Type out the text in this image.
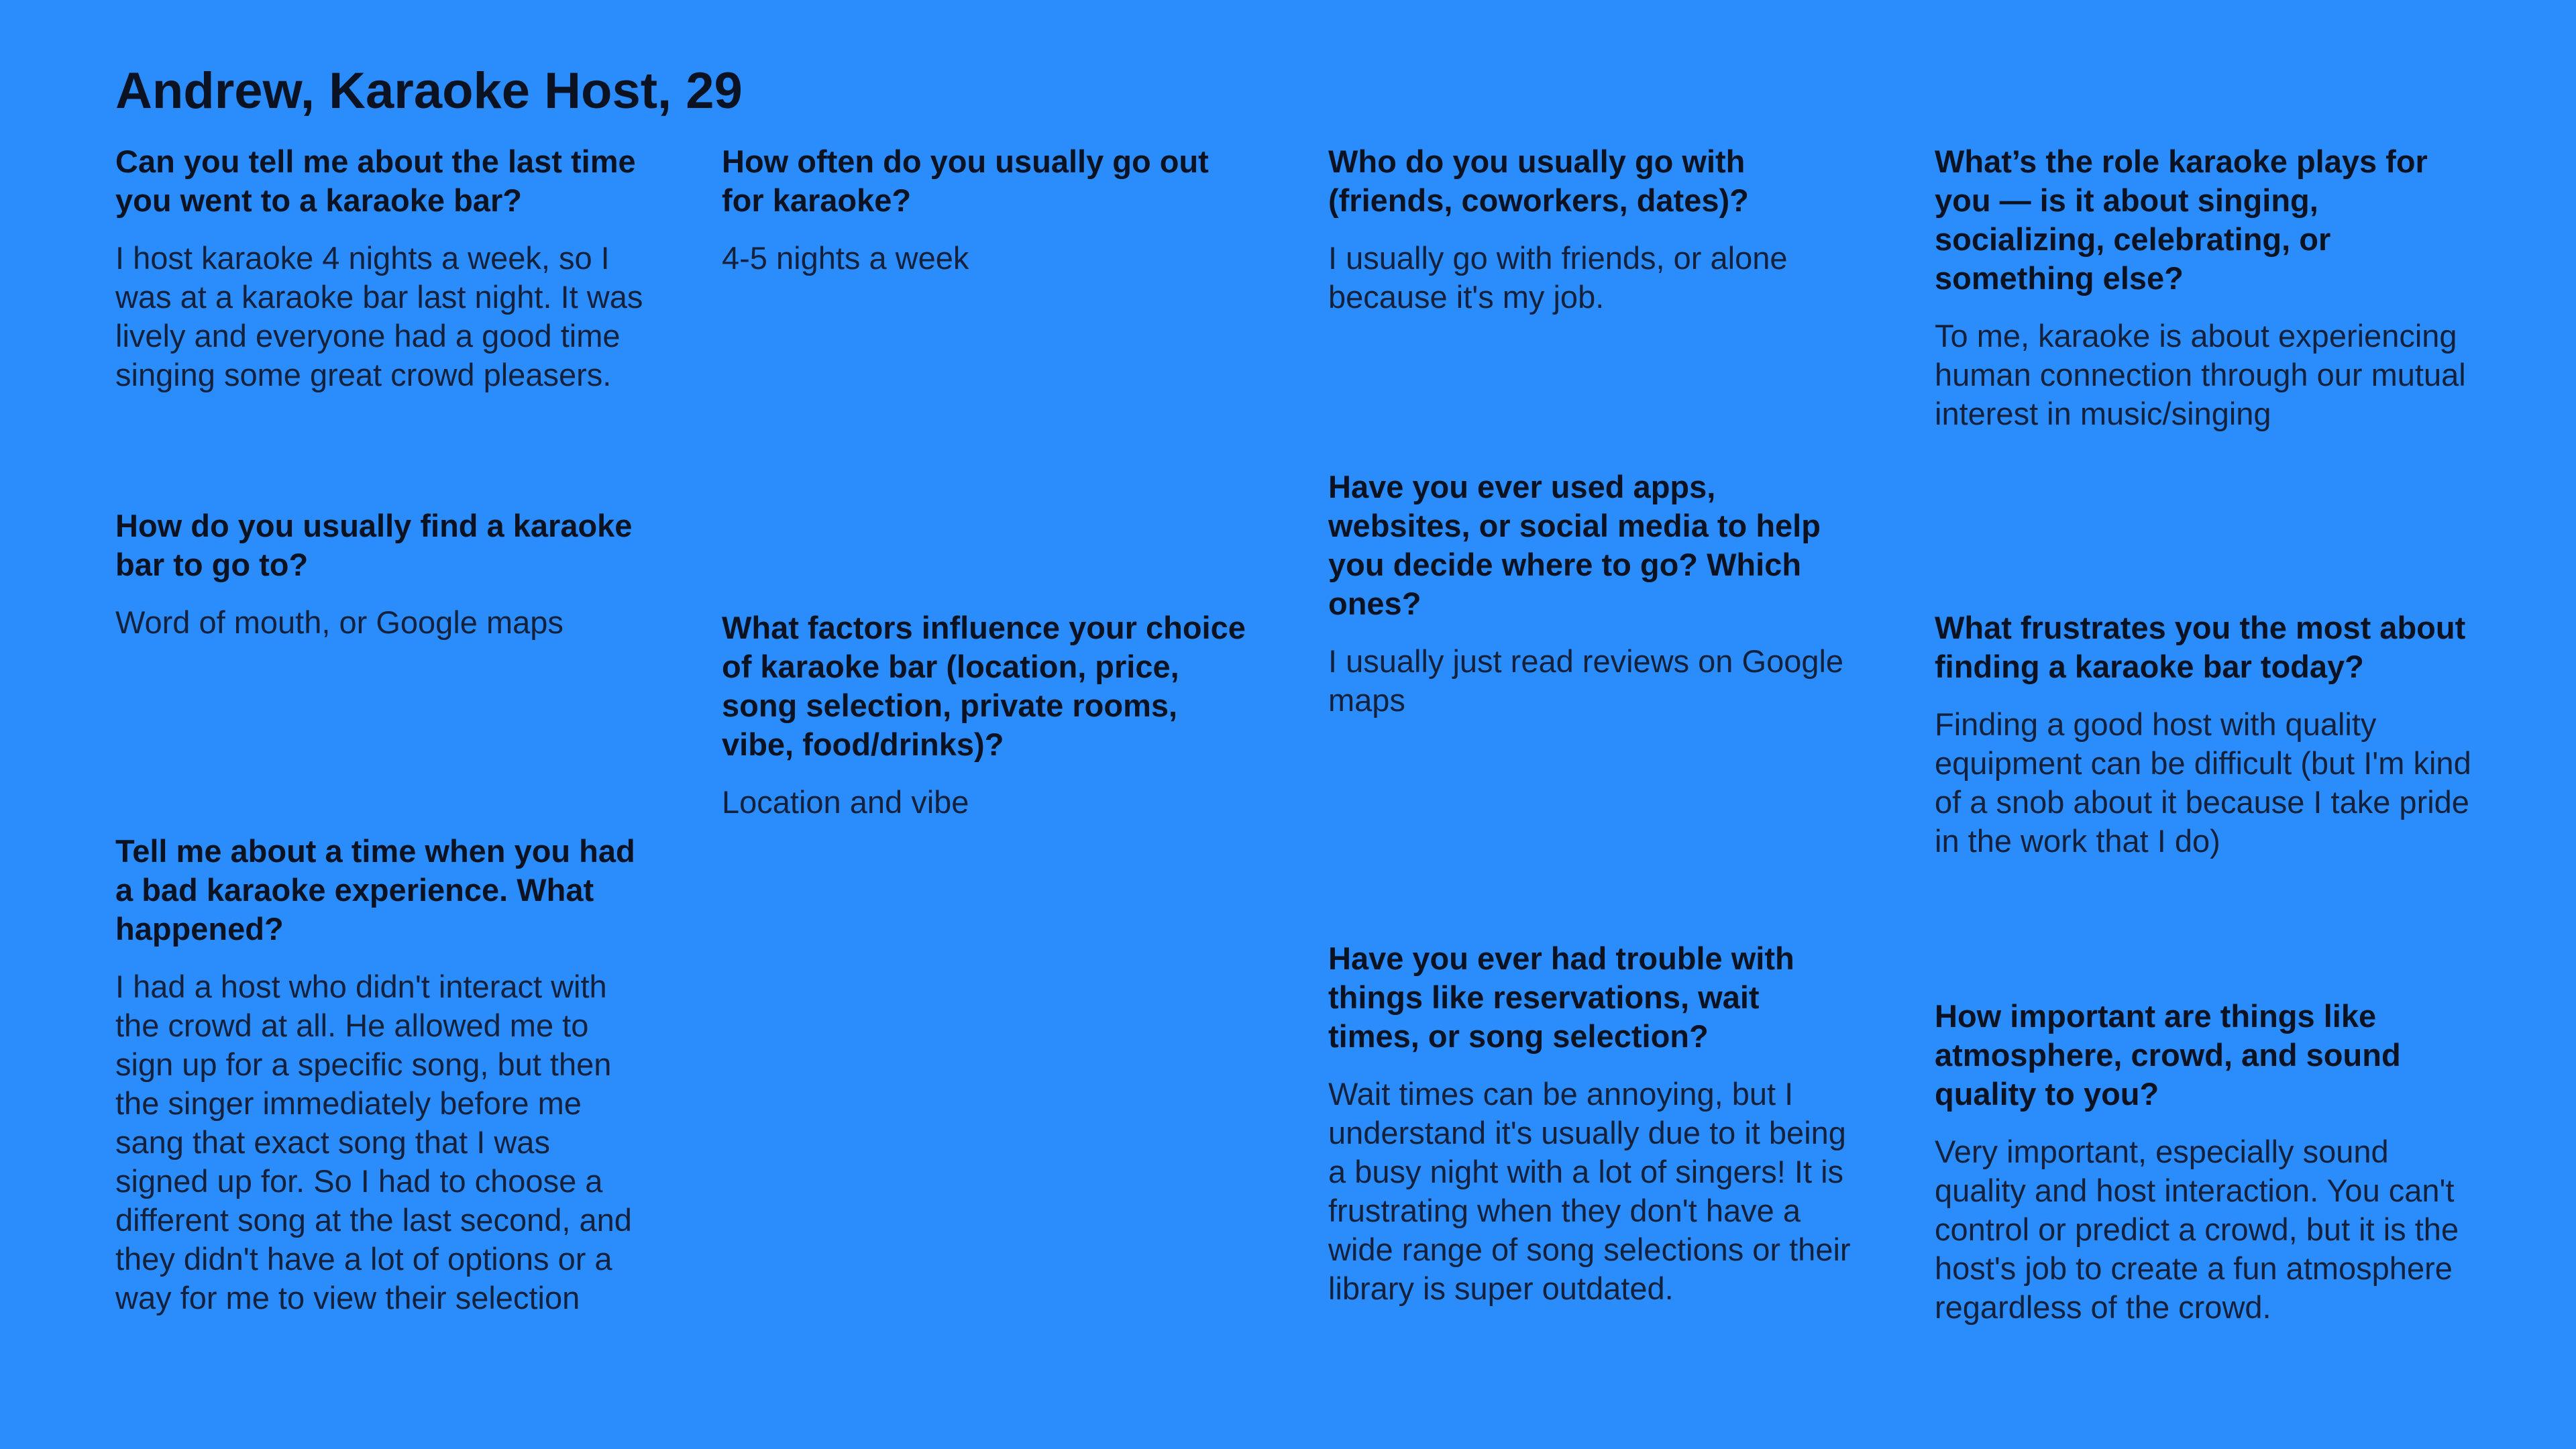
Andrew, Karaoke Host, 29

Can you tell me about the last time you went to a karaoke bar?

I host karaoke 4 nights a week, so I was at a karaoke bar last night. It was lively and everyone had a good time singing some great crowd pleasers.

How do you usually find a karaoke bar to go to?

Word of mouth, or Google maps

Tell me about a time when you had a bad karaoke experience. What happened?

I had a host who didn't interact with the crowd at all. He allowed me to sign up for a specific song, but then the singer immediately before me sang that exact song that I was signed up for. So I had to choose a different song at the last second, and they didn't have a lot of options or a way for me to view their selection

How often do you usually go out for karaoke?

4-5 nights a week

What factors influence your choice of karaoke bar (location, price, song selection, private rooms, vibe, food/drinks)?

Location and vibe

Who do you usually go with (friends, coworkers, dates)?

I usually go with friends, or alone because it's my job.

Have you ever used apps, websites, or social media to help you decide where to go? Which ones?

I usually just read reviews on Google maps

Have you ever had trouble with things like reservations, wait times, or song selection?

Wait times can be annoying, but I understand it's usually due to it being a busy night with a lot of singers! It is frustrating when they don't have a wide range of song selections or their library is super outdated.

What’s the role karaoke plays for you — is it about singing, socializing, celebrating, or something else?

To me, karaoke is about experiencing human connection through our mutual interest in music/singing

What frustrates you the most about finding a karaoke bar today?

Finding a good host with quality equipment can be difficult (but I'm kind of a snob about it because I take pride in the work that I do)

How important are things like atmosphere, crowd, and sound quality to you?

Very important, especially sound quality and host interaction. You can't control or predict a crowd, but it is the host's job to create a fun atmosphere regardless of the crowd.
